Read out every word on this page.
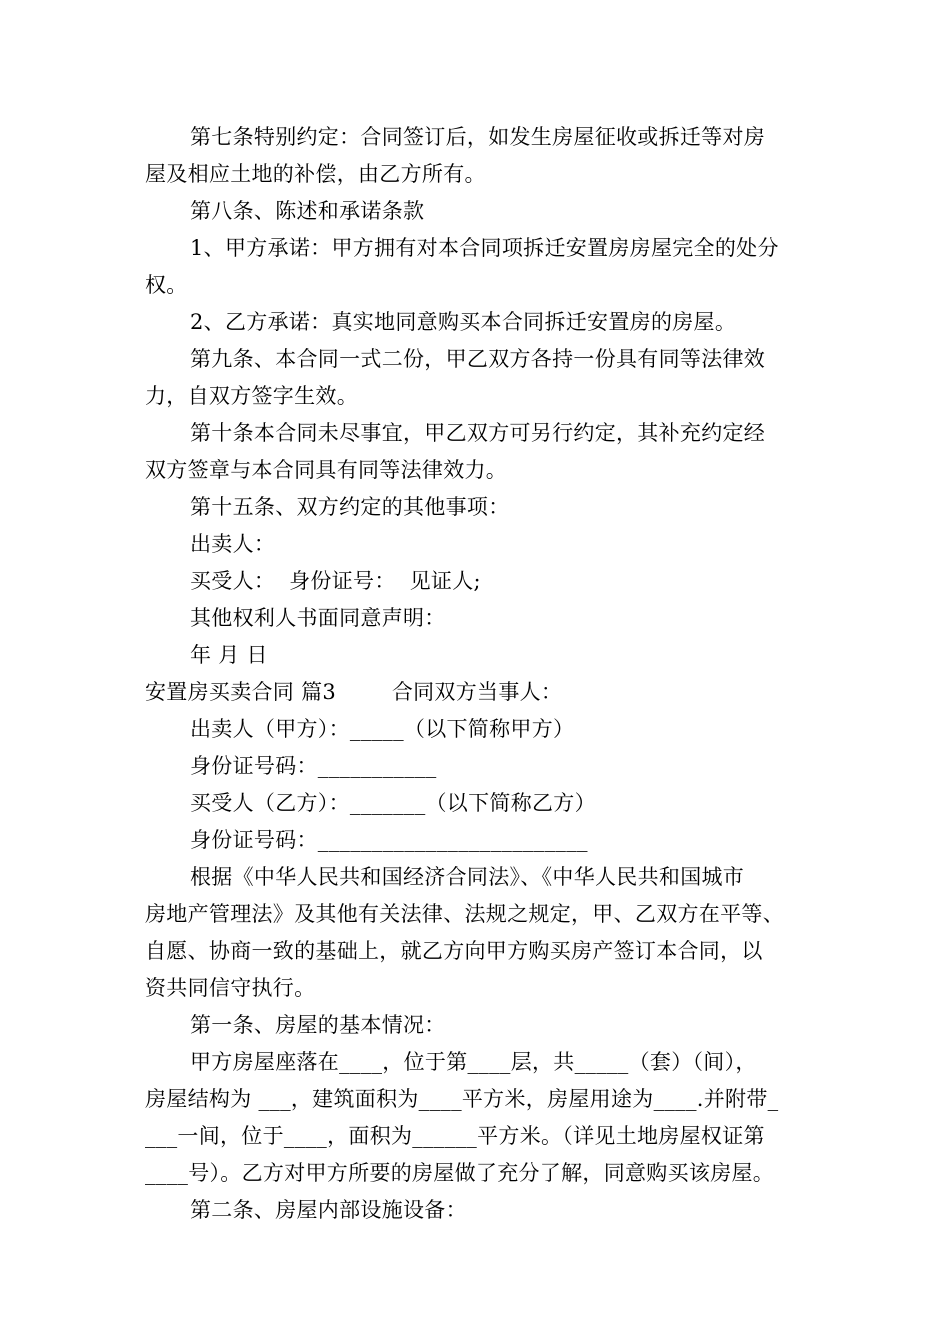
第七条特别约定：合同签订后，如发生房屋征收或拆迁等对房
屋及相应土地的补偿，由乙方所有。
第八条、陈述和承诺条款
1、甲方承诺：甲方拥有对本合同项拆迁安置房房屋完全的处分
权。
2、乙方承诺：真实地同意购买本合同拆迁安置房的房屋。
第九条、本合同一式二份，甲乙双方各持一份具有同等法律效
力，自双方签字生效。
第十条本合同未尽事宜，甲乙双方可另行约定，其补充约定经
双方签章与本合同具有同等法律效力。
第十五条、双方约定的其他事项：
出卖人：
买受人：  身份证号：  见证人;
其他权利人书面同意声明：
年 月 日
安置房买卖合同 篇3        合同双方当事人：
出卖人（甲方）：_____（以下简称甲方）
身份证号码：___________
买受人（乙方）：_______（以下简称乙方）
身份证号码：_________________________
根据《中华人民共和国经济合同法》、《中华人民共和国城市
房地产管理法》及其他有关法律、法规之规定，甲、乙双方在平等、
自愿、协商一致的基础上，就乙方向甲方购买房产签订本合同，以
资共同信守执行。
第一条、房屋的基本情况：
甲方房屋座落在____，位于第____层，共_____（套）（间），
房屋结构为 ___，建筑面积为____平方米，房屋用途为____.并附带_
___一间，位于____，面积为______平方米。（详见土地房屋权证第
____号）。乙方对甲方所要的房屋做了充分了解，同意购买该房屋。
第二条、房屋内部设施设备：
